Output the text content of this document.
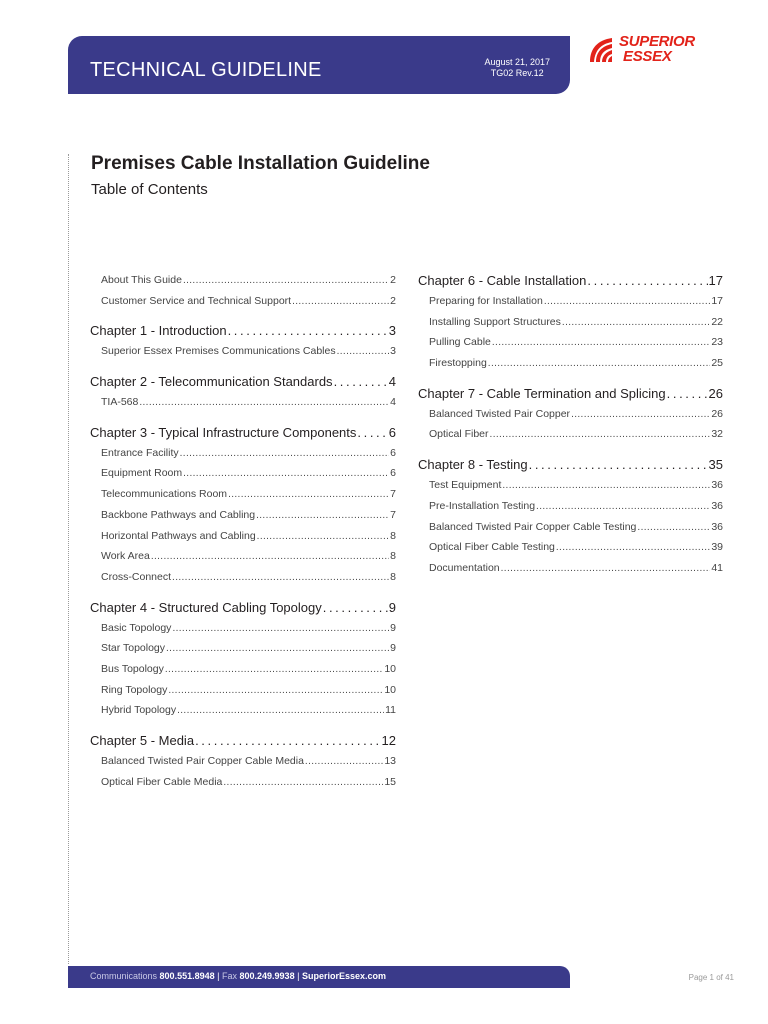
TECHNICAL GUIDELINE	August 21, 2017
TG02 Rev.12
SUPERIOR
ESSEX
Premises Cable Installation Guideline
Table of Contents
About This Guide . . .	2
Customer Service and Technical Support . . .	2
Chapter 1 - Introduction . . .	3
Superior Essex Premises Communications Cables . . .	3
Chapter 2 - Telecommunication Standards . . .	4
TIA-568 . . .	4
Chapter 3 - Typical Infrastructure Components . . . 6
Entrance Facility . . .	6
Equipment Room . . .	6
Telecommunications Room . . .	7
Backbone Pathways and Cabling . . .	7
Horizontal Pathways and Cabling . . .	8
Work Area . . .	8
Cross-Connect . . .	8
Chapter 4 - Structured Cabling Topology . . .	9
Basic Topology . . .	9
Star Topology . . .	9
Bus Topology . . .	10
Ring Topology . . .	10
Hybrid Topology . . .	11
Chapter 5 - Media . . .	12
Balanced Twisted Pair Copper Cable Media . . .	13
Optical Fiber Cable Media . . .	15
Chapter 6 - Cable Installation . . .	17
Preparing for Installation . . .	17
Installing Support Structures . . .	22
Pulling Cable . . .	23
Firestopping . . .	25
Chapter 7 - Cable Termination and Splicing . . .	26
Balanced Twisted Pair Copper . . .	26
Optical Fiber . . .	32
Chapter 8 - Testing . . .	35
Test Equipment . . .	36
Pre-Installation Testing . . .	36
Balanced Twisted Pair Copper Cable Testing . . .	36
Optical Fiber Cable Testing . . .	39
Documentation . . .	41
Communications 800.551.8948 | Fax 800.249.9938 | SuperiorEssex.com	Page 1 of 41
